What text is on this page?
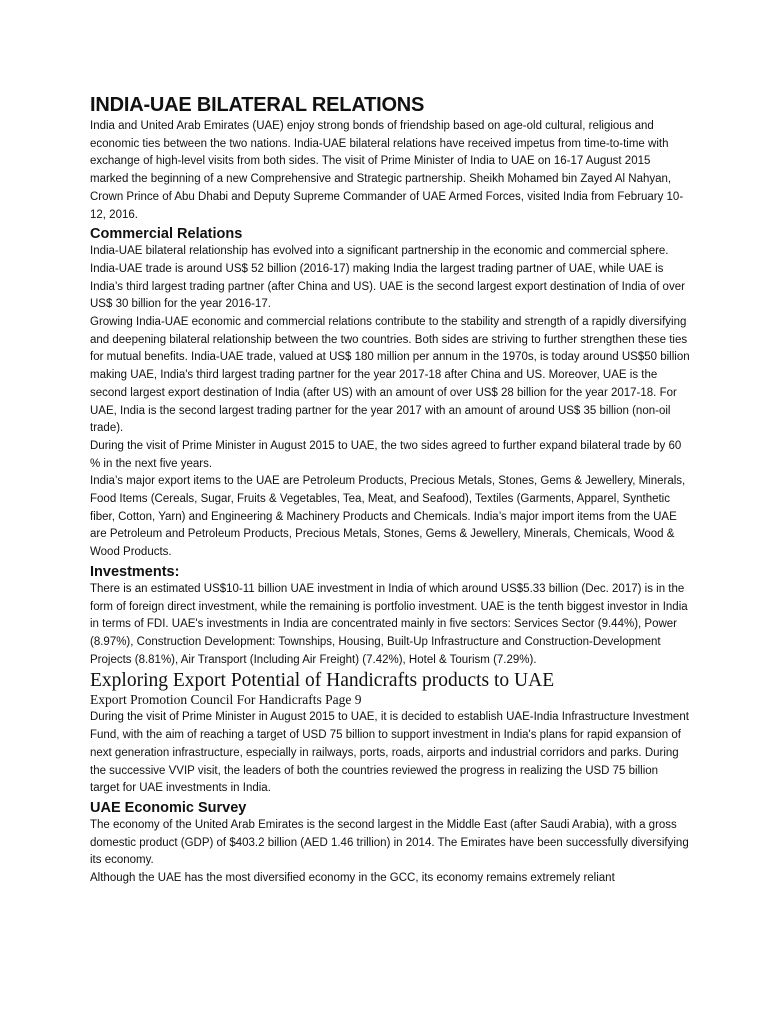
INDIA-UAE BILATERAL RELATIONS

India and United Arab Emirates (UAE) enjoy strong bonds of friendship based on age-old cultural, religious and economic ties between the two nations. India-UAE bilateral relations have received impetus from time-to-time with exchange of high-level visits from both sides. The visit of Prime Minister of India to UAE on 16-17 August 2015 marked the beginning of a new Comprehensive and Strategic partnership. Sheikh Mohamed bin Zayed Al Nahyan, Crown Prince of Abu Dhabi and Deputy Supreme Commander of UAE Armed Forces, visited India from February 10-12, 2016.

Commercial Relations

India-UAE bilateral relationship has evolved into a significant partnership in the economic and commercial sphere. India-UAE trade is around US$ 52 billion (2016-17) making India the largest trading partner of UAE, while UAE is India’s third largest trading partner (after China and US). UAE is the second largest export destination of India of over US$ 30 billion for the year 2016-17.

Growing India-UAE economic and commercial relations contribute to the stability and strength of a rapidly diversifying and deepening bilateral relationship between the two countries. Both sides are striving to further strengthen these ties for mutual benefits. India-UAE trade, valued at US$ 180 million per annum in the 1970s, is today around US$50 billion making UAE, India's third largest trading partner for the year 2017-18 after China and US. Moreover, UAE is the second largest export destination of India (after US) with an amount of over US$ 28 billion for the year 2017-18. For UAE, India is the second largest trading partner for the year 2017 with an amount of around US$ 35 billion (non-oil trade).

During the visit of Prime Minister in August 2015 to UAE, the two sides agreed to further expand bilateral trade by 60 % in the next five years.

India’s major export items to the UAE are Petroleum Products, Precious Metals, Stones, Gems & Jewellery, Minerals, Food Items (Cereals, Sugar, Fruits & Vegetables, Tea, Meat, and Seafood), Textiles (Garments, Apparel, Synthetic fiber, Cotton, Yarn) and Engineering & Machinery Products and Chemicals. India’s major import items from the UAE are Petroleum and Petroleum Products, Precious Metals, Stones, Gems & Jewellery, Minerals, Chemicals, Wood & Wood Products.

Investments:

There is an estimated US$10-11 billion UAE investment in India of which around US$5.33 billion (Dec. 2017) is in the form of foreign direct investment, while the remaining is portfolio investment. UAE is the tenth biggest investor in India in terms of FDI. UAE's investments in India are concentrated mainly in five sectors: Services Sector (9.44%), Power (8.97%), Construction Development: Townships, Housing, Built-Up Infrastructure and Construction-Development Projects (8.81%), Air Transport (Including Air Freight) (7.42%), Hotel & Tourism (7.29%).

Exploring Export Potential of Handicrafts products to UAE

Export Promotion Council For Handicrafts Page 9

During the visit of Prime Minister in August 2015 to UAE, it is decided to establish UAE-India Infrastructure Investment Fund, with the aim of reaching a target of USD 75 billion to support investment in India's plans for rapid expansion of next generation infrastructure, especially in railways, ports, roads, airports and industrial corridors and parks. During the successive VVIP visit, the leaders of both the countries reviewed the progress in realizing the USD 75 billion target for UAE investments in India.

UAE Economic Survey

The economy of the United Arab Emirates is the second largest in the Middle East (after Saudi Arabia), with a gross domestic product (GDP) of $403.2 billion (AED 1.46 trillion) in 2014. The Emirates have been successfully diversifying its economy.

Although the UAE has the most diversified economy in the GCC, its economy remains extremely reliant
